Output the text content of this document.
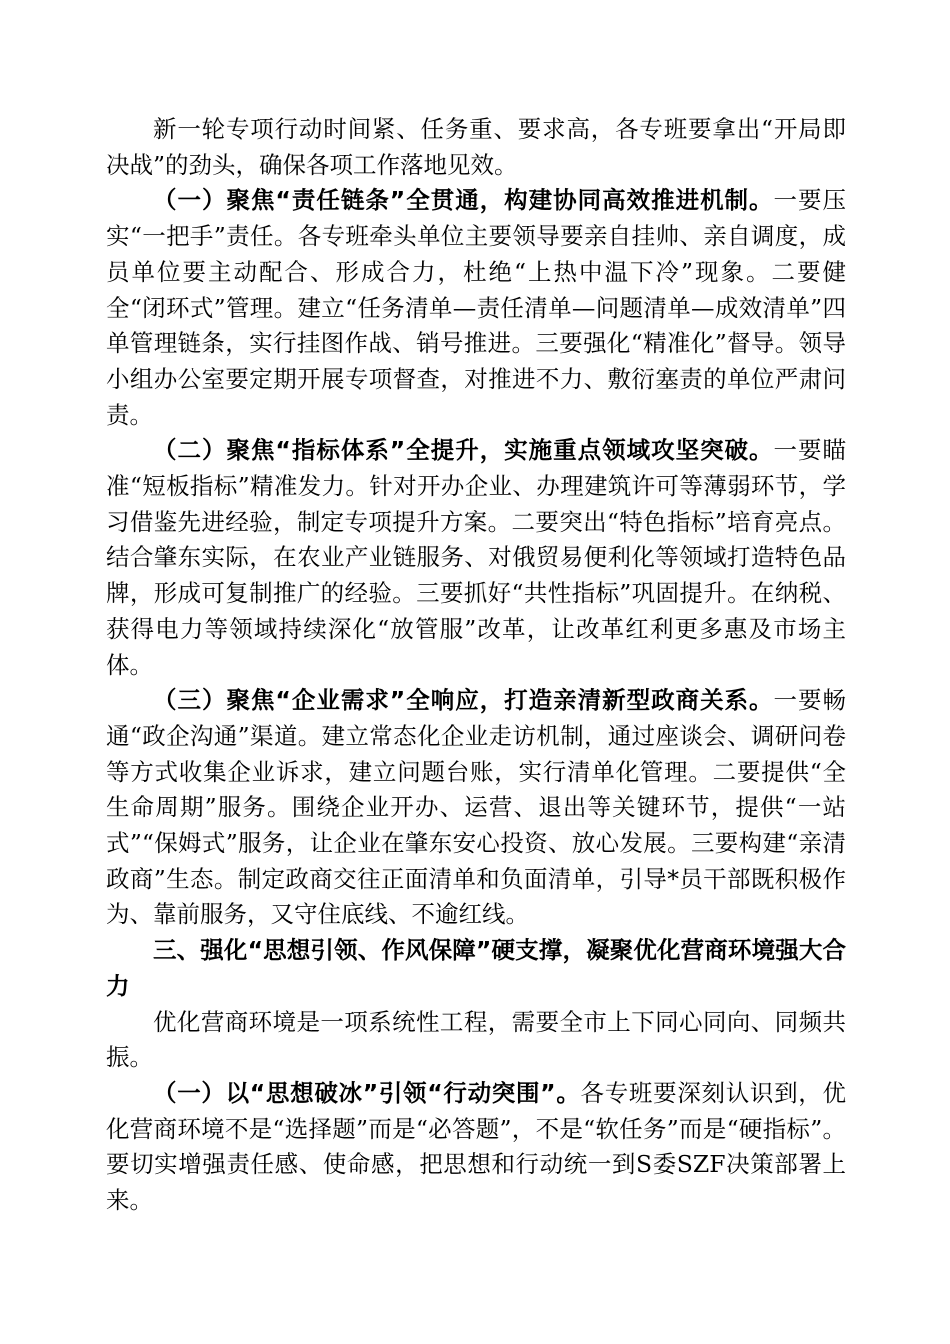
新一轮专项行动时间紧、任务重、要求高，各专班要拿出“开局即决战”的劲头，确保各项工作落地见效。

（一）聚焦“责任链条”全贯通，构建协同高效推进机制。一要压实“一把手”责任。各专班牵头单位主要领导要亲自挂帅、亲自调度，成员单位要主动配合、形成合力，杜绝“上热中温下冷”现象。二要健全“闭环式”管理。建立“任务清单—责任清单—问题清单—成效清单”四单管理链条，实行挂图作战、销号推进。三要强化“精准化”督导。领导小组办公室要定期开展专项督查，对推进不力、敷衍塞责的单位严肃问责。

（二）聚焦“指标体系”全提升，实施重点领域攻坚突破。一要瞄准“短板指标”精准发力。针对开办企业、办理建筑许可等薄弱环节，学习借鉴先进经验，制定专项提升方案。二要突出“特色指标”培育亮点。结合肇东实际，在农业产业链服务、对俄贸易便利化等领域打造特色品牌，形成可复制推广的经验。三要抓好“共性指标”巩固提升。在纳税、获得电力等领域持续深化“放管服”改革，让改革红利更多惠及市场主体。

（三）聚焦“企业需求”全响应，打造亲清新型政商关系。一要畅通“政企沟通”渠道。建立常态化企业走访机制，通过座谈会、调研问卷等方式收集企业诉求，建立问题台账，实行清单化管理。二要提供“全生命周期”服务。围绕企业开办、运营、退出等关键环节，提供“一站式”“保姆式”服务，让企业在肇东安心投资、放心发展。三要构建“亲清政商”生态。制定政商交往正面清单和负面清单，引导*员干部既积极作为、靠前服务，又守住底线、不逾红线。

三、强化“思想引领、作风保障”硬支撑，凝聚优化营商环境强大合力

优化营商环境是一项系统性工程，需要全市上下同心同向、同频共振。

（一）以“思想破冰”引领“行动突围”。各专班要深刻认识到，优化营商环境不是“选择题”而是“必答题”，不是“软任务”而是“硬指标”。要切实增强责任感、使命感，把思想和行动统一到S委SZF决策部署上来。
